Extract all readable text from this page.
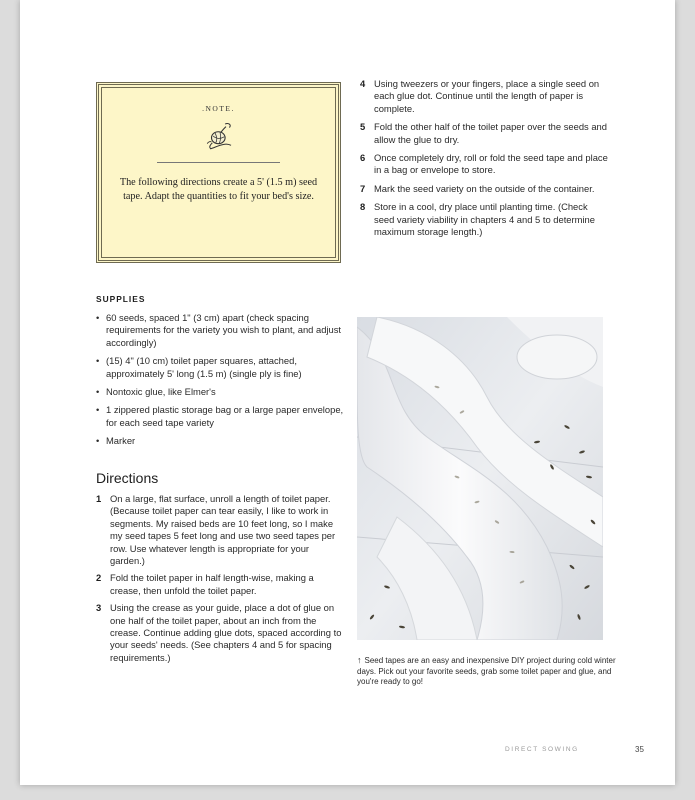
.NOTE.
The following directions create a 5' (1.5 m) seed tape. Adapt the quantities to fit your bed's size.
4 Using tweezers or your fingers, place a single seed on each glue dot. Continue until the length of paper is complete.
5 Fold the other half of the toilet paper over the seeds and allow the glue to dry.
6 Once completely dry, roll or fold the seed tape and place in a bag or envelope to store.
7 Mark the seed variety on the outside of the container.
8 Store in a cool, dry place until planting time. (Check seed variety viability in chapters 4 and 5 to determine maximum storage length.)
SUPPLIES
• 60 seeds, spaced 1" (3 cm) apart (check spacing requirements for the variety you wish to plant, and adjust accordingly)
• (15) 4" (10 cm) toilet paper squares, attached, approximately 5' long (1.5 m) (single ply is fine)
• Nontoxic glue, like Elmer's
• 1 zippered plastic storage bag or a large paper envelope, for each seed tape variety
• Marker
Directions
1 On a large, flat surface, unroll a length of toilet paper. (Because toilet paper can tear easily, I like to work in segments. My raised beds are 10 feet long, so I make my seed tapes 5 feet long and use two seed tapes per row. Use whatever length is appropriate for your garden.)
2 Fold the toilet paper in half length-wise, making a crease, then unfold the toilet paper.
3 Using the crease as your guide, place a dot of glue on one half of the toilet paper, about an inch from the crease. Continue adding glue dots, spaced according to your seeds' needs. (See chapters 4 and 5 for spacing requirements.)	↑ Seed tapes are an easy and inexpensive DIY project during cold winter days. Pick out your favorite seeds, grab some toilet paper and glue, and you're ready to go!
DIRECT SOWING	35
